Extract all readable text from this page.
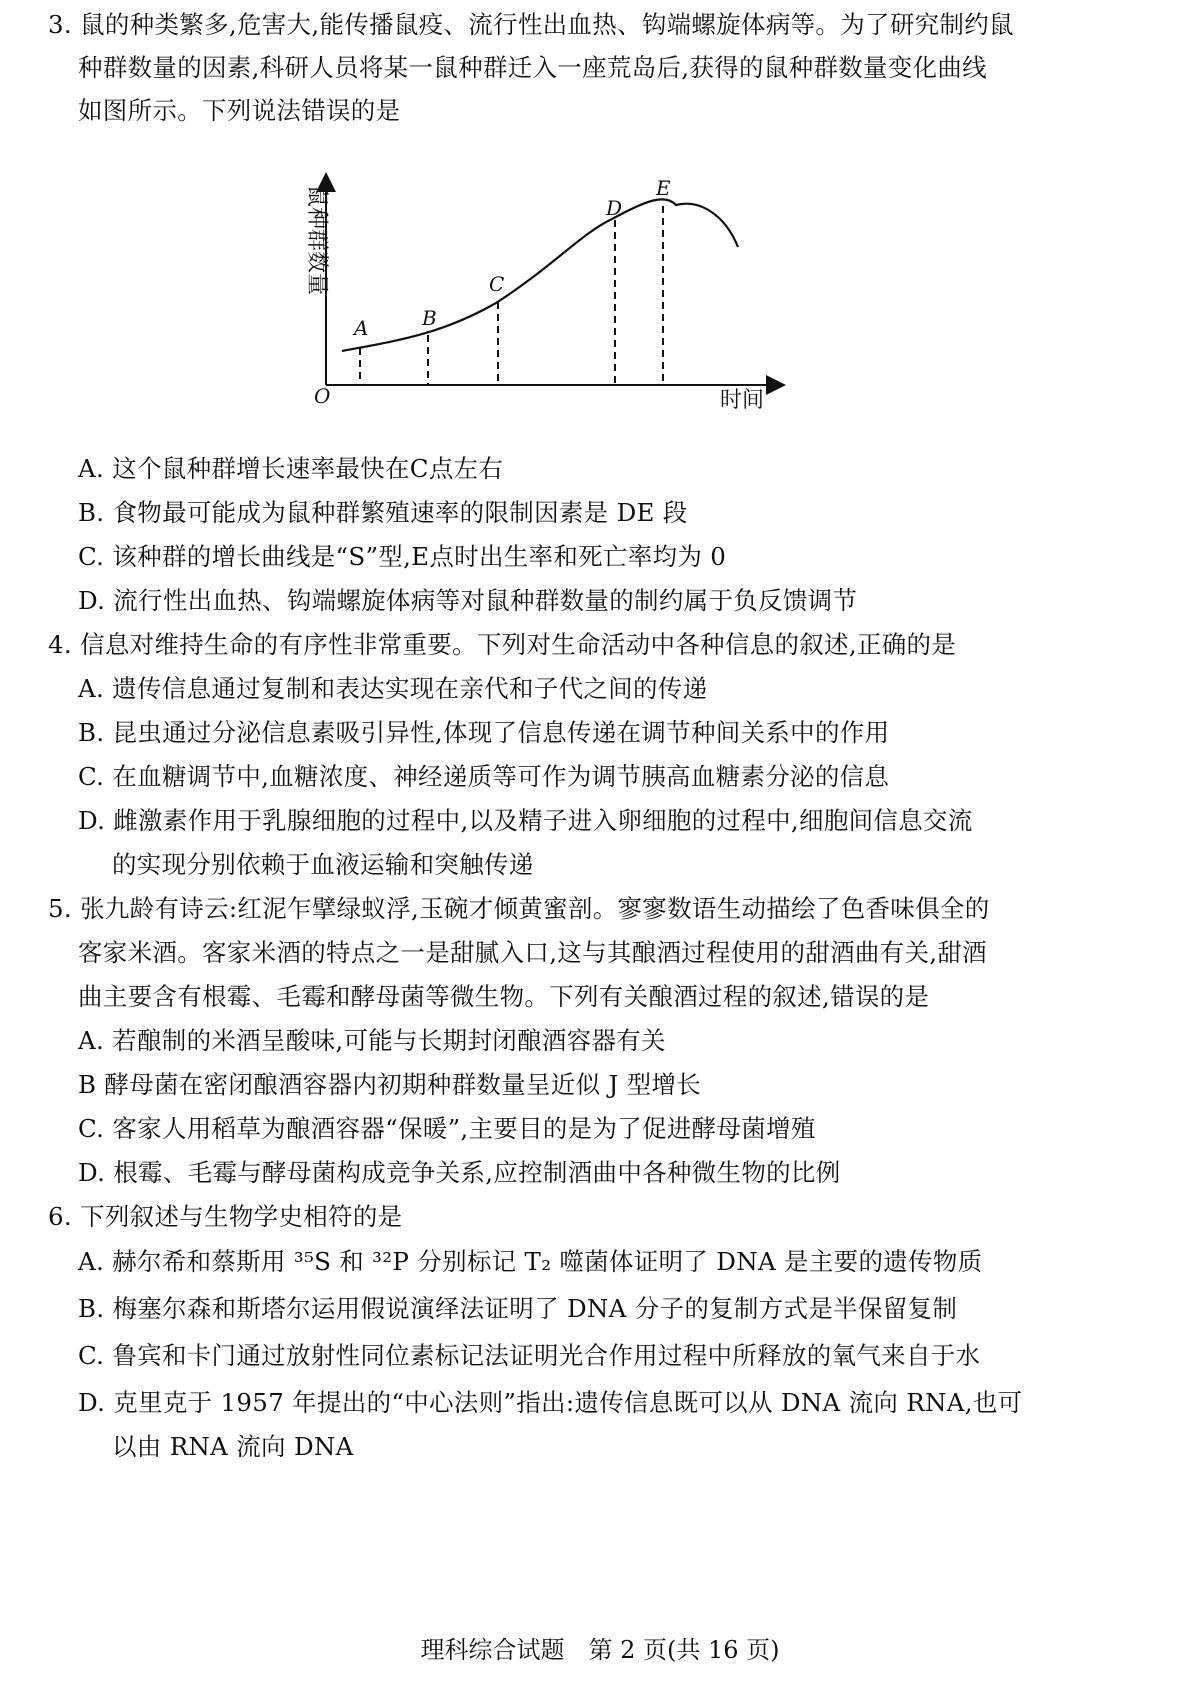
3. 鼠的种类繁多,危害大,能传播鼠疫、流行性出血热、钩端螺旋体病等。为了研究制约鼠
种群数量的因素,科研人员将某一鼠种群迁入一座荒岛后,获得的鼠种群数量变化曲线
如图所示。下列说法错误的是
鼠种群数量
时间
O
A	B
C
D
E
A. 这个鼠种群增长速率最快在C点左右
B. 食物最可能成为鼠种群繁殖速率的限制因素是 DE 段
C. 该种群的增长曲线是“S”型,E点时出生率和死亡率均为 0
D. 流行性出血热、钩端螺旋体病等对鼠种群数量的制约属于负反馈调节
4. 信息对维持生命的有序性非常重要。下列对生命活动中各种信息的叙述,正确的是
A. 遗传信息通过复制和表达实现在亲代和子代之间的传递
B. 昆虫通过分泌信息素吸引异性,体现了信息传递在调节种间关系中的作用
C. 在血糖调节中,血糖浓度、神经递质等可作为调节胰高血糖素分泌的信息
D. 雌激素作用于乳腺细胞的过程中,以及精子进入卵细胞的过程中,细胞间信息交流
的实现分别依赖于血液运输和突触传递
5. 张九龄有诗云:红泥乍擘绿蚁浮,玉碗才倾黄蜜剖。寥寥数语生动描绘了色香味俱全的
客家米酒。客家米酒的特点之一是甜腻入口,这与其酿酒过程使用的甜酒曲有关,甜酒
曲主要含有根霉、毛霉和酵母菌等微生物。下列有关酿酒过程的叙述,错误的是
A. 若酿制的米酒呈酸味,可能与长期封闭酿酒容器有关
B 酵母菌在密闭酿酒容器内初期种群数量呈近似 J 型增长
C. 客家人用稻草为酿酒容器“保暖”,主要目的是为了促进酵母菌增殖
D. 根霉、毛霉与酵母菌构成竞争关系,应控制酒曲中各种微生物的比例
6. 下列叙述与生物学史相符的是
A. 赫尔希和蔡斯用 ³⁵S 和 ³²P 分别标记 T₂ 噬菌体证明了 DNA 是主要的遗传物质
B. 梅塞尔森和斯塔尔运用假说演绎法证明了 DNA 分子的复制方式是半保留复制
C. 鲁宾和卡门通过放射性同位素标记法证明光合作用过程中所释放的氧气来自于水
D. 克里克于 1957 年提出的“中心法则”指出:遗传信息既可以从 DNA 流向 RNA,也可
以由 RNA 流向 DNA
理科综合试题　第 2 页(共 16 页)
